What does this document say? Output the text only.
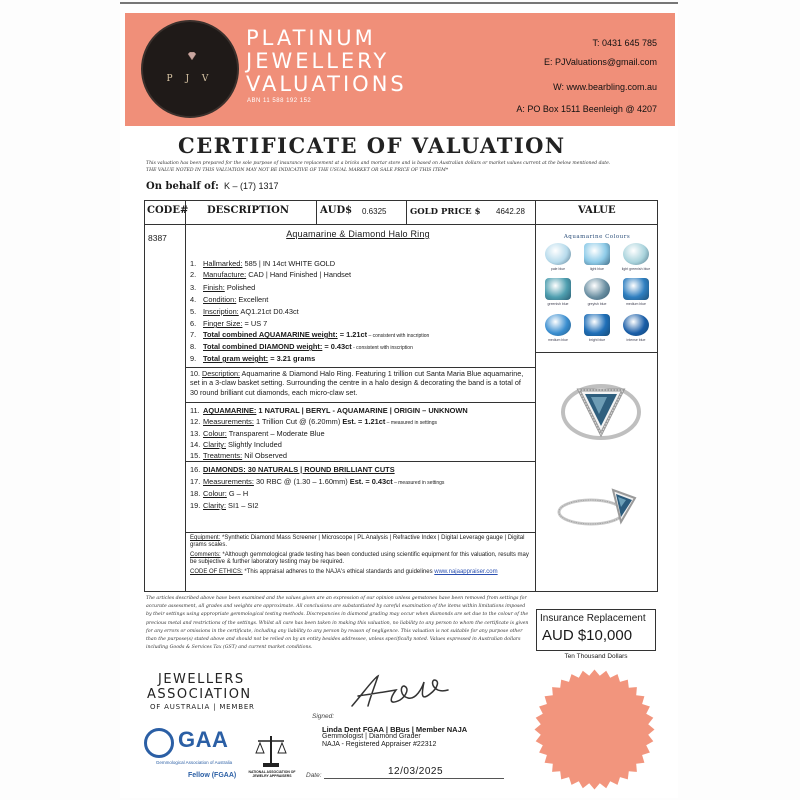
P J V
PLATINUM
JEWELLERY
VALUATIONS
ABN 11 588 192 152
T: 0431 645 785
E: PJValuations@gmail.com
W: www.bearbling.com.au
A: PO Box 1511 Beenleigh @ 4207
CERTIFICATE OF VALUATION
This valuation has been prepared for the sole purpose of insurance replacement at a bricks and mortar store and is based on Australian dollars or market values current at the below mentioned date.
THE VALUE NOTED IN THIS VALUATION MAY NOT BE INDICATIVE OF THE USUAL MARKET OR SALE PRICE OF THIS ITEM*
On behalf of: K – (17) 1317
CODE# DESCRIPTION	AUD$ 0.6325	GOLD PRICE $ 4642.28	VALUE
8387	Aquamarine & Diamond Halo Ring
1. Hallmarked: 585 | IN 14ct WHITE GOLD
2. Manufacture: CAD | Hand Finished | Handset
3. Finish: Polished
4. Condition: Excellent
5. Inscription: AQ1.21ct D0.43ct
6. Finger Size: = US 7
7. Total combined AQUAMARINE weight: = 1.21ct – consistent with inscription
8. Total combined DIAMOND weight: = 0.43ct - consistent with inscription
9. Total gram weight: = 3.21 grams
10. Description: Aquamarine & Diamond Halo Ring. Featuring 1 trillion cut Santa Maria Blue aquamarine, set in a 3-claw basket setting. Surrounding the centre in a halo design & decorating the band is a total of 30 round brilliant cut diamonds, each micro-claw set.
11. AQUAMARINE: 1 NATURAL | BERYL - AQUAMARINE | ORIGIN – UNKNOWN
12. Measurements: 1 Trillion Cut @ (6.20mm) Est. = 1.21ct – measured in settings
13. Colour: Transparent – Moderate Blue
14. Clarity: Slightly Included
15. Treatments: Nil Observed
16. DIAMONDS: 30 NATURALS | ROUND BRILLIANT CUTS
17. Measurements: 30 RBC @ (1.30 – 1.60mm) Est. = 0.43ct – measured in settings
18. Colour: G – H
19. Clarity: SI1 – SI2
Equipment: *Synthetic Diamond Mass Screener | Microscope | PL Analysis | Refractive Index | Digital Leverage gauge | Digital grams scales.
Comments: *Although gemmological grade testing has been conducted using scientific equipment for this valuation, results may be subjective & further laboratory testing may be required.
CODE OF ETHICS: *This appraisal adheres to the NAJA's ethical standards and guidelines www.najaappraiser.com
Aquamarine Colours
pale blue	light blue	light greenish blue
greenish blue	greyish blue	medium blue
medium blue	bright blue	intense blue
The articles described above have been examined and the values given are an expression of our opinion unless gemstones have been removed from settings for accurate assessment, all grades and weights are approximate. All conclusions are substantiated by careful examination of the items within limitations imposed by their settings using appropriate gemmological testing methods. Discrepancies in diamond grading may occur when diamonds are set due to the colour of the precious metal and restrictions of the settings. Whilst all care has been taken in making this valuation, no liability to any person to whom the certificate is given for any errors or omissions in the certificate, including any liability to any person by reason of negligence. This valuation is not suitable for any purpose other than the purpose(s) stated above and should not be relied on by an entity besides addressee, unless specifically noted. Values expressed in Australian dollars including Goods & Services Tax (GST) and current market conditions.
Insurance Replacement
AUD $10,000
Ten Thousand Dollars
JEWELLERS
ASSOCIATION
OF AUSTRALIA | MEMBER
GAA
Gemmological Association of Australia
Fellow (FGAA)	NATIONAL ASSOCIATION OF JEWELRY APPRAISERS
Signed:
Linda Dent FGAA | BBus | Member NAJA
Gemmologist | Diamond Grader
NAJA - Registered Appraiser #22312
Date:	12/03/2025
